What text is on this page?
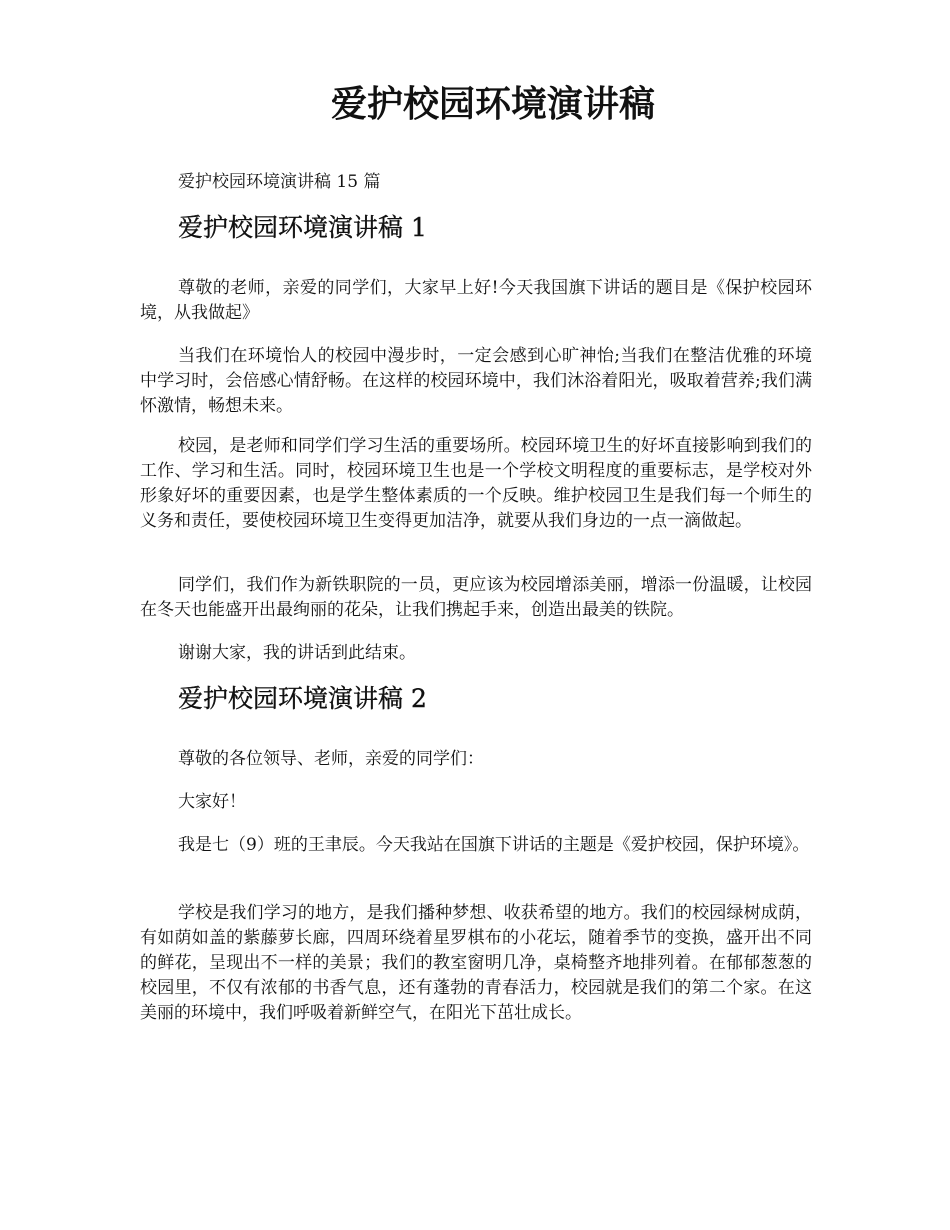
爱护校园环境演讲稿

爱护校园环境演讲稿 15 篇

爱护校园环境演讲稿 1

尊敬的老师，亲爱的同学们，大家早上好!今天我国旗下讲话的题目是《保护校园环境，从我做起》

当我们在环境怡人的校园中漫步时，一定会感到心旷神怡;当我们在整洁优雅的环境中学习时，会倍感心情舒畅。在这样的校园环境中，我们沐浴着阳光，吸取着营养;我们满怀激情，畅想未来。

校园，是老师和同学们学习生活的重要场所。校园环境卫生的好坏直接影响到我们的工作、学习和生活。同时，校园环境卫生也是一个学校文明程度的重要标志，是学校对外形象好坏的重要因素，也是学生整体素质的一个反映。维护校园卫生是我们每一个师生的义务和责任，要使校园环境卫生变得更加洁净，就要从我们身边的一点一滴做起。

同学们，我们作为新铁职院的一员，更应该为校园增添美丽，增添一份温暖，让校园在冬天也能盛开出最绚丽的花朵，让我们携起手来，创造出最美的铁院。

谢谢大家，我的讲话到此结束。

爱护校园环境演讲稿 2

尊敬的各位领导、老师，亲爱的同学们：

大家好！

我是七（9）班的王聿辰。今天我站在国旗下讲话的主题是《爱护校园，保护环境》。

学校是我们学习的地方，是我们播种梦想、收获希望的地方。我们的校园绿树成荫，有如荫如盖的紫藤萝长廊，四周环绕着星罗棋布的小花坛，随着季节的变换，盛开出不同的鲜花，呈现出不一样的美景；我们的教室窗明几净，桌椅整齐地排列着。在郁郁葱葱的校园里，不仅有浓郁的书香气息，还有蓬勃的青春活力，校园就是我们的第二个家。在这美丽的环境中，我们呼吸着新鲜空气，在阳光下茁壮成长。
